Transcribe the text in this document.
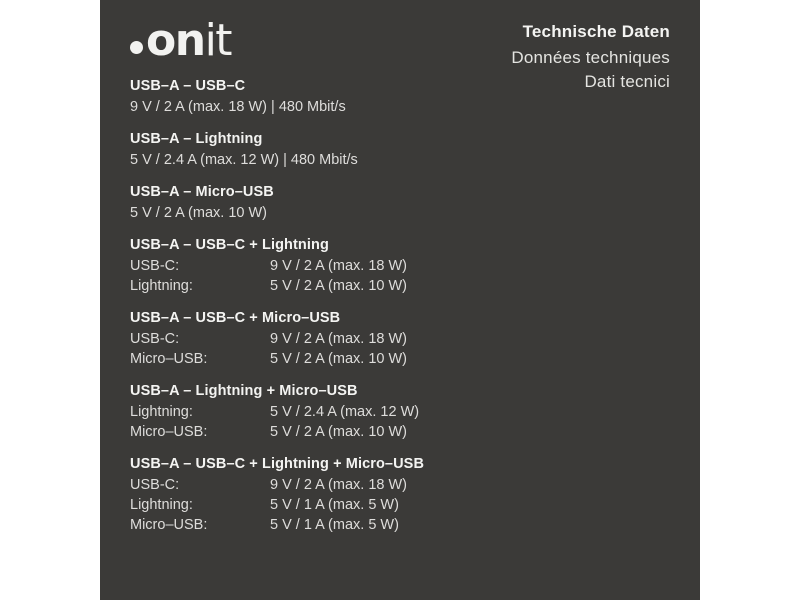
onit	Technische Daten
Données techniques
Dati tecnici
USB–A – USB–C
9 V / 2 A (max. 18 W) | 480 Mbit/s
USB–A – Lightning
5 V / 2.4 A (max. 12 W) | 480 Mbit/s
USB–A – Micro–USB
5 V / 2 A (max. 10 W)
USB–A – USB–C + Lightning
USB-C:	9 V / 2 A (max. 18 W)
Lightning:	5 V / 2 A (max. 10 W)
USB–A – USB–C + Micro–USB
USB-C:	9 V / 2 A (max. 18 W)
Micro–USB:	5 V / 2 A (max. 10 W)
USB–A – Lightning + Micro–USB
Lightning:	5 V / 2.4 A (max. 12 W)
Micro–USB:	5 V / 2 A (max. 10 W)
USB–A – USB–C + Lightning + Micro–USB
USB-C:	9 V / 2 A (max. 18 W)
Lightning:	5 V / 1 A (max. 5 W)
Micro–USB:	5 V / 1 A (max. 5 W)
